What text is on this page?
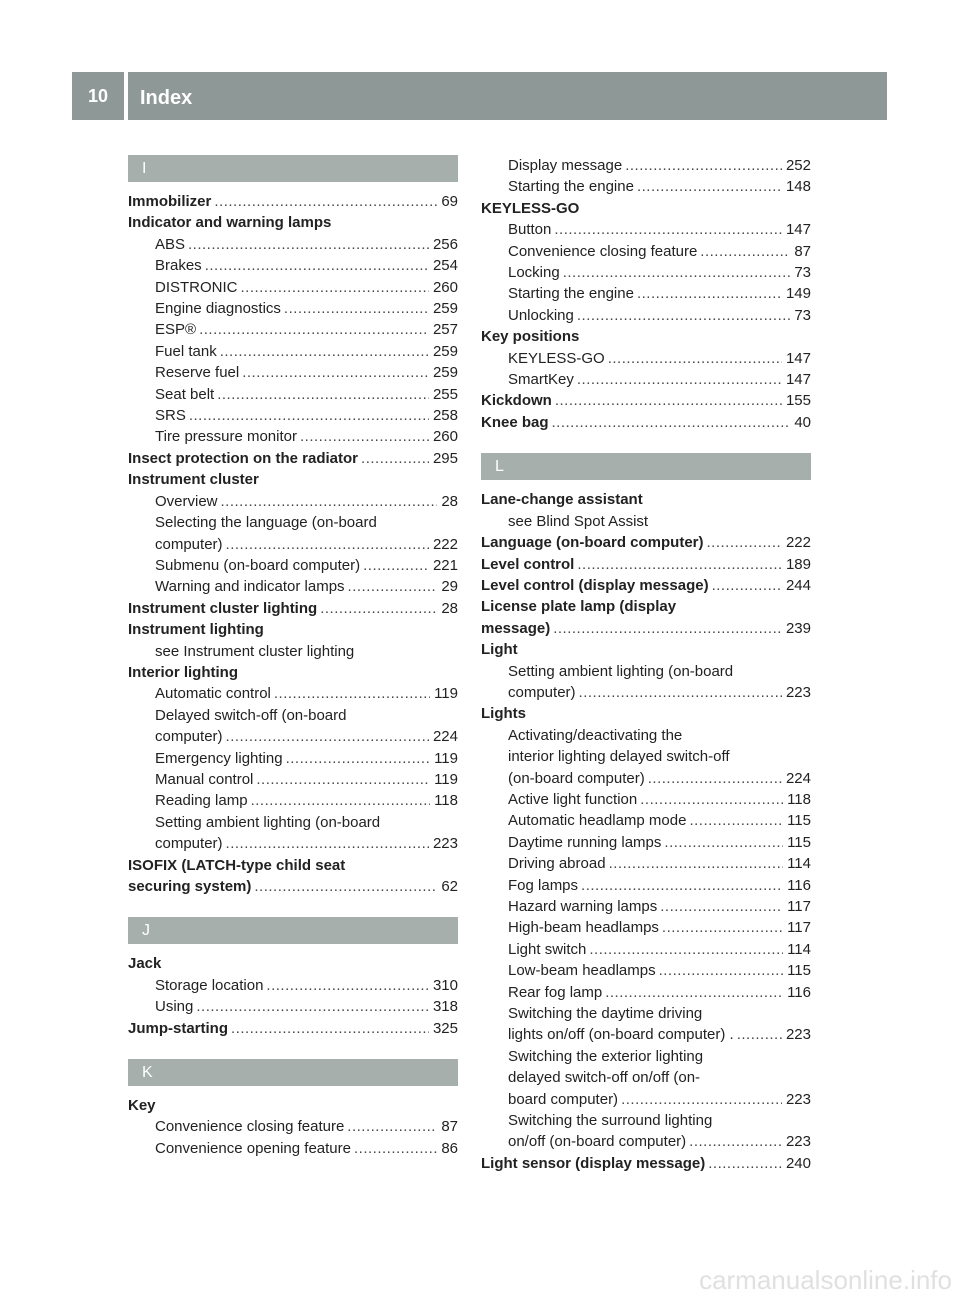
10	Index
I
Immobilizer .....	69
Indicator and warning lamps
ABS .....	256
Brakes .....	254
DISTRONIC .....	260
Engine diagnostics .....	259
ESP® .....	257
Fuel tank .....	259
Reserve fuel .....	259
Seat belt .....	255
SRS .....	258
Tire pressure monitor .....	260
Insect protection on the radiator .....	295
Instrument cluster
Overview .....	28
Selecting the language (on-board
computer) .....	222
Submenu (on-board computer) .....	221
Warning and indicator lamps .....	29
Instrument cluster lighting .....	28
Instrument lighting
see Instrument cluster lighting
Interior lighting
Automatic control .....	119
Delayed switch-off (on-board
computer) .....	224
Emergency lighting .....	119
Manual control .....	119
Reading lamp .....	118
Setting ambient lighting (on-board
computer) .....	223
ISOFIX (LATCH-type child seat
securing system) .....	62
J
Jack
Storage location .....	310
Using .....	318
Jump-starting .....	325
K
Key
Convenience closing feature .....	87
Convenience opening feature .....	86
Display message .....	252
Starting the engine .....	148
KEYLESS-GO
Button .....	147
Convenience closing feature .....	87
Locking .....	73
Starting the engine .....	149
Unlocking .....	73
Key positions
KEYLESS-GO .....	147
SmartKey .....	147
Kickdown .....	155
Knee bag .....	40
L
Lane-change assistant
see Blind Spot Assist
Language (on-board computer) .....	222
Level control .....	189
Level control (display message) .....	244
License plate lamp (display
message) .....	239
Light
Setting ambient lighting (on-board
computer) .....	223
Lights
Activating/deactivating the
interior lighting delayed switch-off
(on-board computer) .....	224
Active light function .....	118
Automatic headlamp mode .....	115
Daytime running lamps .....	115
Driving abroad .....	114
Fog lamps .....	116
Hazard warning lamps .....	117
High-beam headlamps .....	117
Light switch .....	114
Low-beam headlamps .....	115
Rear fog lamp .....	116
Switching the daytime driving
lights on/off (on-board computer) . .....	223
Switching the exterior lighting
delayed switch-off on/off (on-
board computer) .....	223
Switching the surround lighting
on/off (on-board computer) .....	223
Light sensor (display message) .....	240
carmanualsonline.info
